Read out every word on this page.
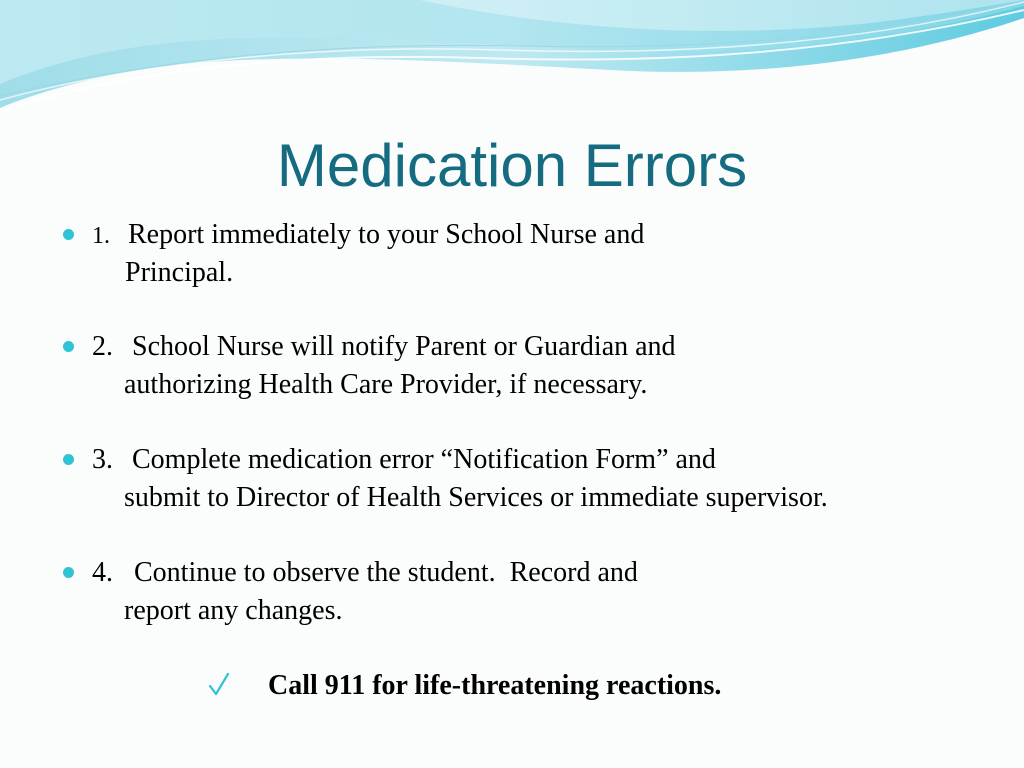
Medication Errors
1. Report immediately to your School Nurse and
Principal.
2. School Nurse will notify Parent or Guardian and
authorizing Health Care Provider, if necessary.
3. Complete medication error “Notification Form” and
submit to Director of Health Services or immediate supervisor.
4. Continue to observe the student.  Record and
report any changes.
Call 911 for life-threatening reactions.
